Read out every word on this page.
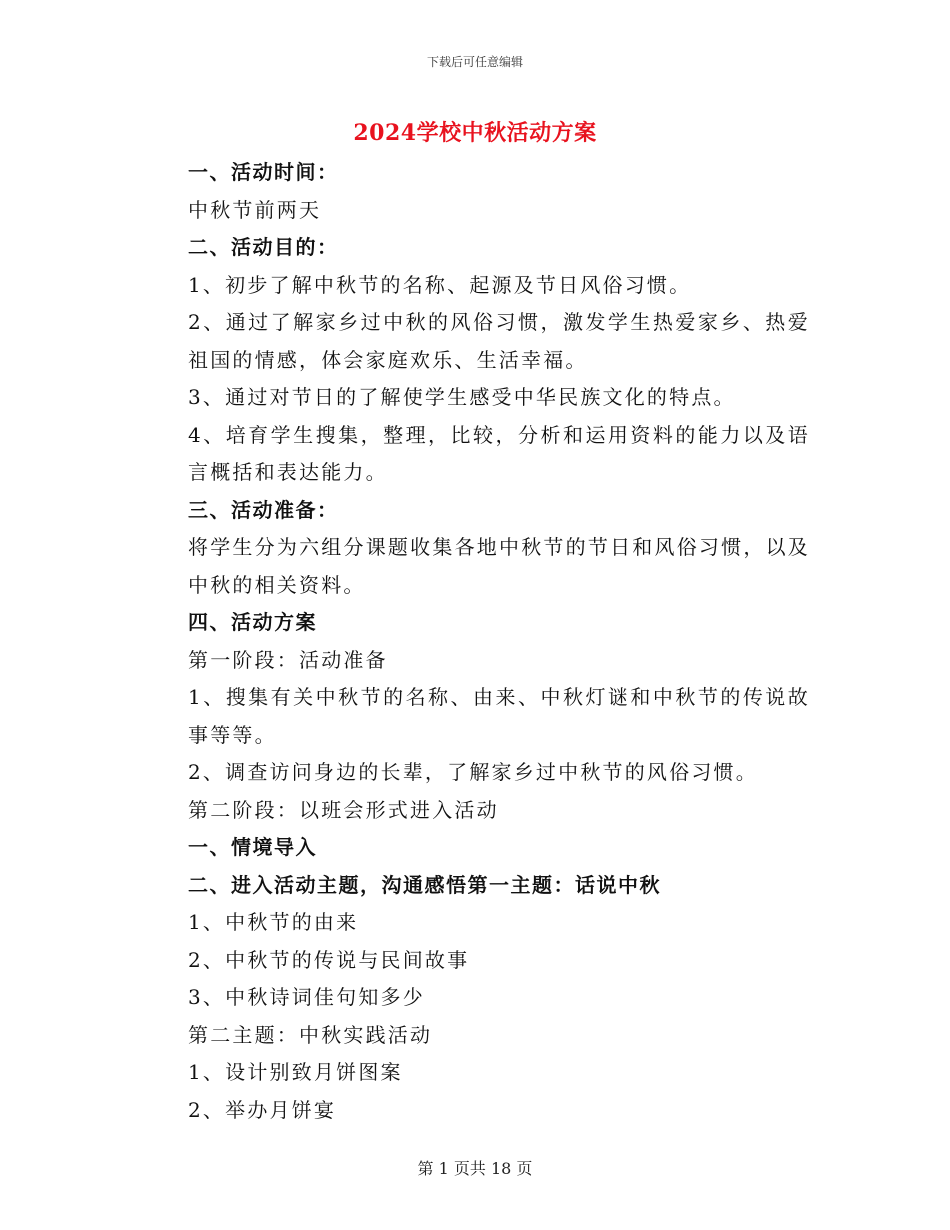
下载后可任意编辑
2024学校中秋活动方案
一、活动时间：
中秋节前两天
二、活动目的：
1、初步了解中秋节的名称、起源及节日风俗习惯。
2、通过了解家乡过中秋的风俗习惯，激发学生热爱家乡、热爱祖国的情感，体会家庭欢乐、生活幸福。
3、通过对节日的了解使学生感受中华民族文化的特点。
4、培育学生搜集，整理，比较，分析和运用资料的能力以及语言概括和表达能力。
三、活动准备：
将学生分为六组分课题收集各地中秋节的节日和风俗习惯，以及中秋的相关资料。
四、活动方案
第一阶段：活动准备
1、搜集有关中秋节的名称、由来、中秋灯谜和中秋节的传说故事等等。
2、调查访问身边的长辈，了解家乡过中秋节的风俗习惯。
第二阶段：以班会形式进入活动
一、情境导入
二、进入活动主题，沟通感悟第一主题：话说中秋
1、中秋节的由来
2、中秋节的传说与民间故事
3、中秋诗词佳句知多少
第二主题：中秋实践活动
1、设计别致月饼图案
2、举办月饼宴
第 1 页共 18 页
